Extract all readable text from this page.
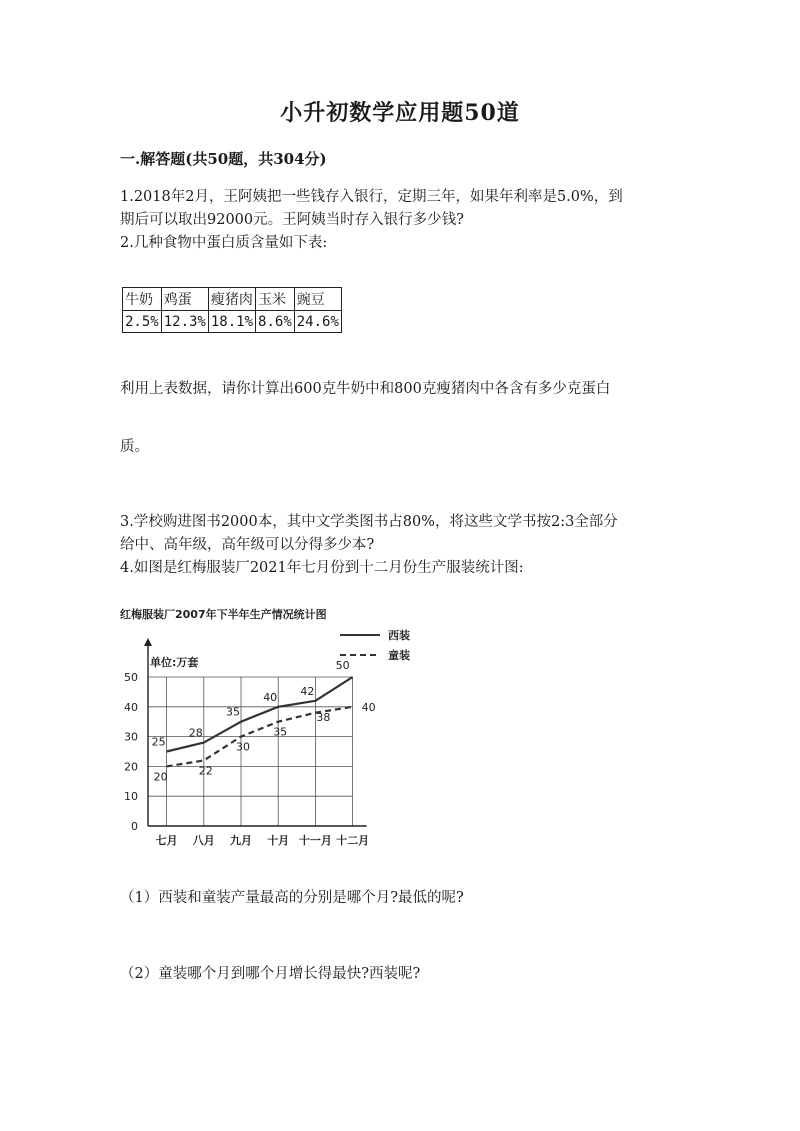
小升初数学应用题50道
一.解答题(共50题，共304分)
1.2018年2月，王阿姨把一些钱存入银行，定期三年，如果年利率是5.0%，到
期后可以取出92000元。王阿姨当时存入银行多少钱?
2.几种食物中蛋白质含量如下表:
牛奶	鸡蛋	瘦猪肉	玉米	豌豆
2.5%	12.3%	18.1%	8.6%	24.6%
利用上表数据，请你计算出600克牛奶中和800克瘦猪肉中各含有多少克蛋白
质。
3.学校购进图书2000本，其中文学类图书占80%，将这些文学书按2:3全部分
给中、高年级，高年级可以分得多少本?
4.如图是红梅服装厂2021年七月份到十二月份生产服装统计图:
红梅服装厂2007年下半年生产情况统计图
单位:万套
0
10
20
30
40
50
七月 八月 九月 十月 十一月 十二月
25
28
35
40 42
50
20	22
30
35
38
40
西装
童装
（1）西装和童装产量最高的分别是哪个月?最低的呢?
（2）童装哪个月到哪个月增长得最快?西装呢?
